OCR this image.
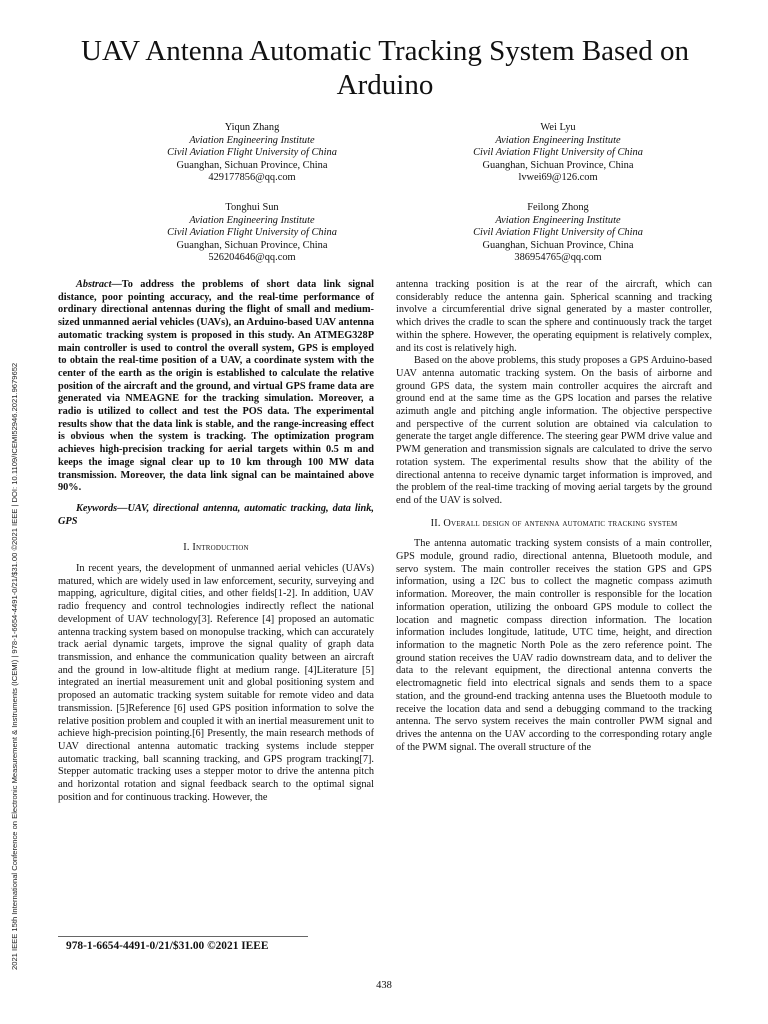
2021 IEEE 15th International Conference on Electronic Measurement & Instruments (ICEMI) | 978-1-6654-4491-0/21/$31.00 ©2021 IEEE | DOI: 10.1109/ICEMI52946.2021.9679652
UAV Antenna Automatic Tracking System Based on Arduino
Yiqun Zhang
Aviation Engineering Institute
Civil Aviation Flight University of China
Guanghan, Sichuan Province, China
429177856@qq.com
Wei Lyu
Aviation Engineering Institute
Civil Aviation Flight University of China
Guanghan, Sichuan Province, China
lvwei69@126.com
Tonghui Sun
Aviation Engineering Institute
Civil Aviation Flight University of China
Guanghan, Sichuan Province, China
526204646@qq.com
Feilong Zhong
Aviation Engineering Institute
Civil Aviation Flight University of China
Guanghan, Sichuan Province, China
386954765@qq.com

Abstract—To address the problems of short data link signal distance, poor pointing accuracy, and the real-time performance of ordinary directional antennas during the flight of small and medium-sized unmanned aerial vehicles (UAVs), an Arduino-based UAV antenna automatic tracking system is proposed in this study. An ATMEG328P main controller is used to control the overall system, GPS is employed to obtain the real-time position of a UAV, a coordinate system with the center of the earth as the origin is established to calculate the relative position of the aircraft and the ground, and virtual GPS frame data are generated via NMEAGNE for the tracking simulation. Moreover, a radio is utilized to collect and test the POS data. The experimental results show that the data link is stable, and the range-increasing effect is obvious when the system is tracking. The optimization program achieves high-precision tracking for aerial targets within 0.5 m and keeps the image signal clear up to 10 km through 100 MW data transmission. Moreover, the data link signal can be maintained above 90%.

Keywords—UAV, directional antenna, automatic tracking, data link, GPS

I. Introduction

In recent years, the development of unmanned aerial vehicles (UAVs) matured, which are widely used in law enforcement, security, surveying and mapping, agriculture, digital cities, and other fields[1-2]. In addition, UAV radio frequency and control technologies indirectly reflect the national development of UAV technology[3]. Reference [4] proposed an automatic antenna tracking system based on monopulse tracking, which can accurately track aerial dynamic targets, improve the signal quality of graph data transmission, and enhance the communication quality between an aircraft and the ground in low-altitude flight at medium range. [4]Literature [5] integrated an inertial measurement unit and global positioning system and proposed an automatic tracking system suitable for remote video and data transmission. [5]Reference [6] used GPS position information to solve the relative position problem and coupled it with an inertial measurement unit to achieve high-precision pointing.[6] Presently, the main research methods of UAV directional antenna automatic tracking systems include stepper automatic tracking, ball scanning tracking, and GPS program tracking[7]. Stepper automatic tracking uses a stepper motor to drive the antenna pitch and horizontal rotation and signal feedback search to the optimal signal position and for continuous tracking. However, the

antenna tracking position is at the rear of the aircraft, which can considerably reduce the antenna gain. Spherical scanning and tracking involve a circumferential drive signal generated by a master controller, which drives the cradle to scan the sphere and continuously track the target within the sphere. However, the operating equipment is relatively complex, and its cost is relatively high.

Based on the above problems, this study proposes a GPS Arduino-based UAV antenna automatic tracking system. On the basis of airborne and ground GPS data, the system main controller acquires the aircraft and ground end at the same time as the GPS location and parses the relative azimuth angle and pitching angle information. The objective perspective and perspective of the current solution are obtained via calculation to generate the target angle difference. The steering gear PWM drive value and PWM generation and transmission signals are calculated to drive the servo rotation system. The experimental results show that the ability of the directional antenna to receive dynamic target information is improved, and the problem of the real-time tracking of moving aerial targets by the ground end of the UAV is solved.

II. Overall design of antenna automatic tracking system

The antenna automatic tracking system consists of a main controller, GPS module, ground radio, directional antenna, Bluetooth module, and servo system. The main controller receives the station GPS and GPS information, using a I2C bus to collect the magnetic compass azimuth information. Moreover, the main controller is responsible for the location information operation, utilizing the onboard GPS module to collect the location and magnetic compass direction information. The location information includes longitude, latitude, UTC time, height, and direction information to the magnetic North Pole as the zero reference point. The ground station receives the UAV radio downstream data, and to deliver the data to the relevant equipment, the directional antenna converts the electromagnetic field into electrical signals and sends them to a space station, and the ground-end tracking antenna uses the Bluetooth module to receive the location data and send a debugging command to the tracking antenna. The servo system receives the main controller PWM signal and drives the antenna on the UAV according to the corresponding rotary angle of the PWM signal. The overall structure of the

978-1-6654-4491-0/21/$31.00 ©2021 IEEE
438
